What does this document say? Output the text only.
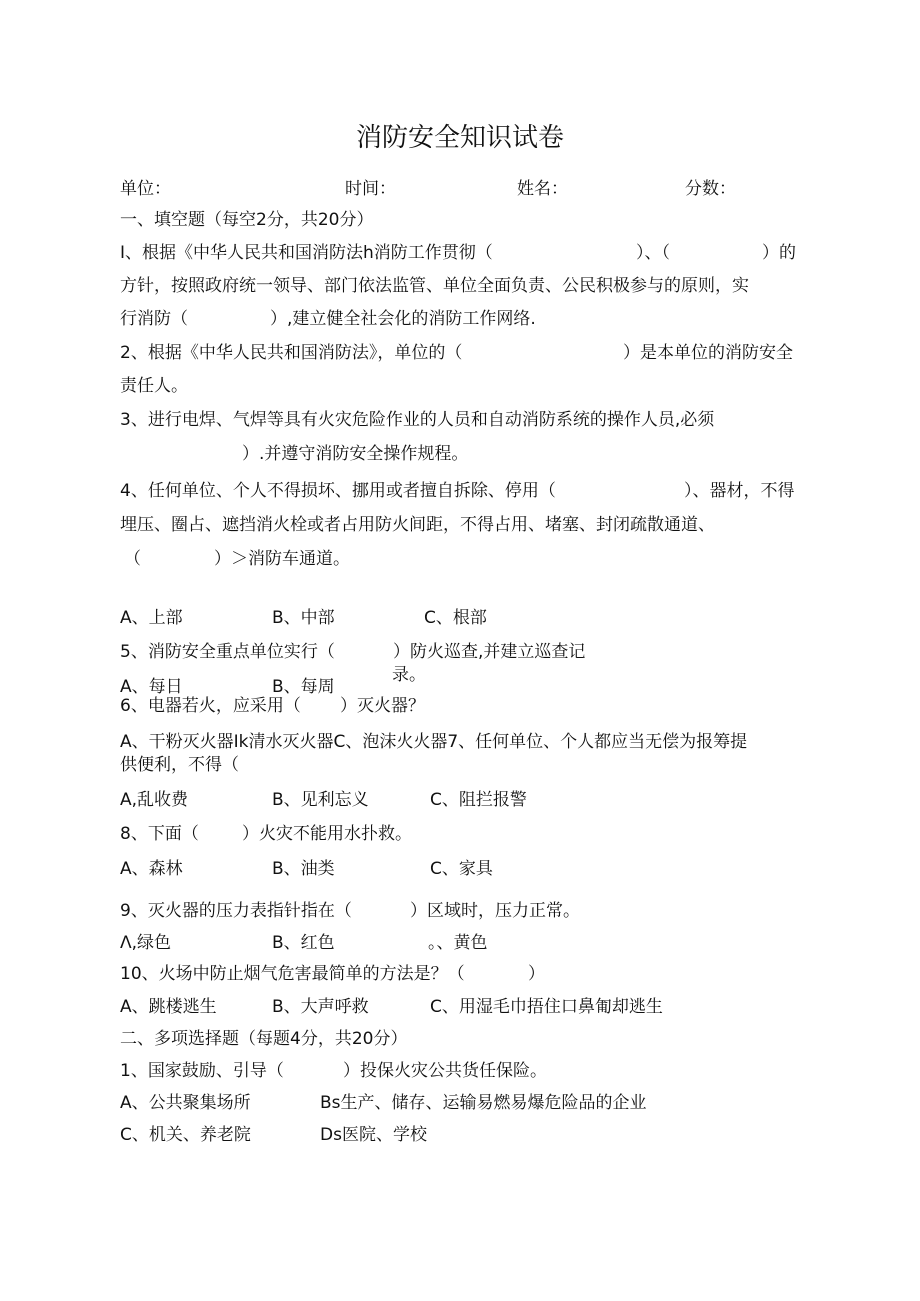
消防安全知识试卷
单位：	时间：	姓名：	分数：
一、填空题（每空2分，共20分）
I、根据《中华人民共和国消防法h消防工作贯彻（	）、（	）的
方针，按照政府统一领导、部门依法监管、单位全面负责、公民积极参与的原则，实
行消防（	）,建立健全社会化的消防工作网络.
2、根据《中华人民共和国消防法》，单位的（	）是本单位的消防安全
责任人。
3、进行电焊、气焊等具有火灾危险作业的人员和自动消防系统的操作人员,必须
）.并遵守消防安全操作规程。
4、任何单位、个人不得损坏、挪用或者擅自拆除、停用（	）、器材，不得
埋压、圈占、遮挡消火栓或者占用防火间距，不得占用、堵塞、封闭疏散通道、
（	）＞消防车通道。
A、上部	B、中部	C、根部
5、消防安全重点单位实行（	）防火巡查,并建立巡查记
录。
A、每日	B、每周
6、电器若火，应采用（ ）灭火器？
A、干粉灭火器Ik清水灭火器C、泡沫火火器7、任何单位、个人都应当无偿为报筹提
供便利，不得（
A,乱收费	B、见利忘义	C、阻拦报警
8、下面（	）火灾不能用水扑救。
A、森林	B、油类	C、家具
9、灭火器的压力表指针指在（	）区域时，压力正常。
Λ,绿色	B、红色	。、黄色
10、火场中防止烟气危害最简单的方法是？（	）
A、跳楼逃生	B、大声呼救	C、用湿毛巾捂住口鼻匍却逃生
二、多项选择题（每题4分，共20分）
1、国家鼓励、引导（	）投保火灾公共货任保险。
A、公共聚集场所	Bs生产、储存、运输易燃易爆危险品的企业
C、机关、养老院	Ds医院、学校
